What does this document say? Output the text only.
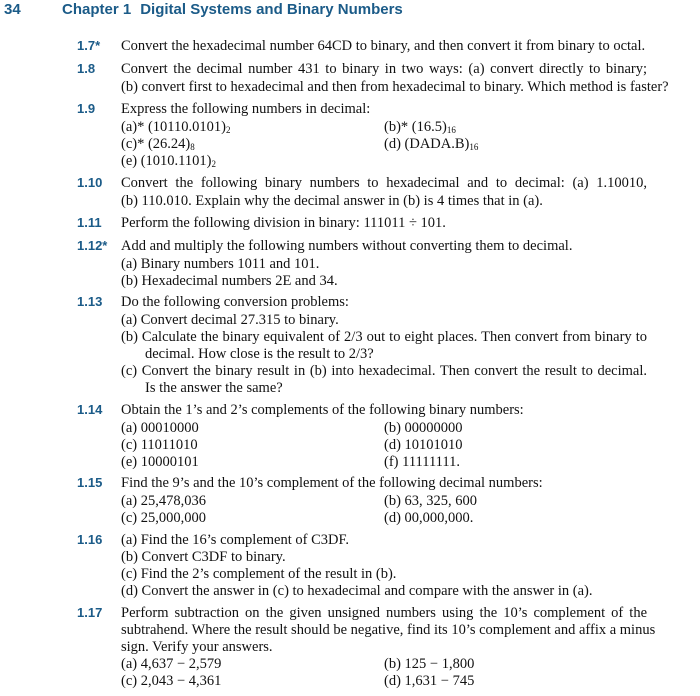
34	Chapter 1 Digital Systems and Binary Numbers
1.7* Convert the hexadecimal number 64CD to binary, and then convert it from binary to octal.
1.8 Convert the decimal number 431 to binary in two ways: (a) convert directly to binary;
(b) convert first to hexadecimal and then from hexadecimal to binary. Which method is faster?
1.9 Express the following numbers in decimal:
(a)* $(10110.0101)_2$	(b)* $(16.5)_{16}$
(c)* $(26.24)_8$	(d) $(DADA.B)_{16}$
(e) $(1010.1101)_2$
1.10 Convert the following binary numbers to hexadecimal and to decimal: (a) 1.10010,
(b) 110.010. Explain why the decimal answer in (b) is 4 times that in (a).
1.11 Perform the following division in binary: 111011 ÷ 101.
1.12* Add and multiply the following numbers without converting them to decimal.
(a) Binary numbers 1011 and 101.
(b) Hexadecimal numbers 2E and 34.
1.13 Do the following conversion problems:
(a) Convert decimal 27.315 to binary.
(b) Calculate the binary equivalent of 2/3 out to eight places. Then convert from binary to
decimal. How close is the result to 2/3?
(c) Convert the binary result in (b) into hexadecimal. Then convert the result to decimal.
Is the answer the same?
1.14 Obtain the 1’s and 2’s complements of the following binary numbers:
(a) 00010000	(b) 00000000
(c) 11011010	(d) 10101010
(e) 10000101	(f) 11111111.
1.15 Find the 9’s and the 10’s complement of the following decimal numbers:
(a) 25,478,036	(b) 63, 325, 600
(c) 25,000,000	(d) 00,000,000.
1.16 (a) Find the 16’s complement of C3DF.
(b) Convert C3DF to binary.
(c) Find the 2’s complement of the result in (b).
(d) Convert the answer in (c) to hexadecimal and compare with the answer in (a).
1.17 Perform subtraction on the given unsigned numbers using the 10’s complement of the
subtrahend. Where the result should be negative, find its 10’s complement and affix a minus
sign. Verify your answers.
(a) 4,637 − 2,579	(b) 125 − 1,800
(c) 2,043 − 4,361	(d) 1,631 − 745
